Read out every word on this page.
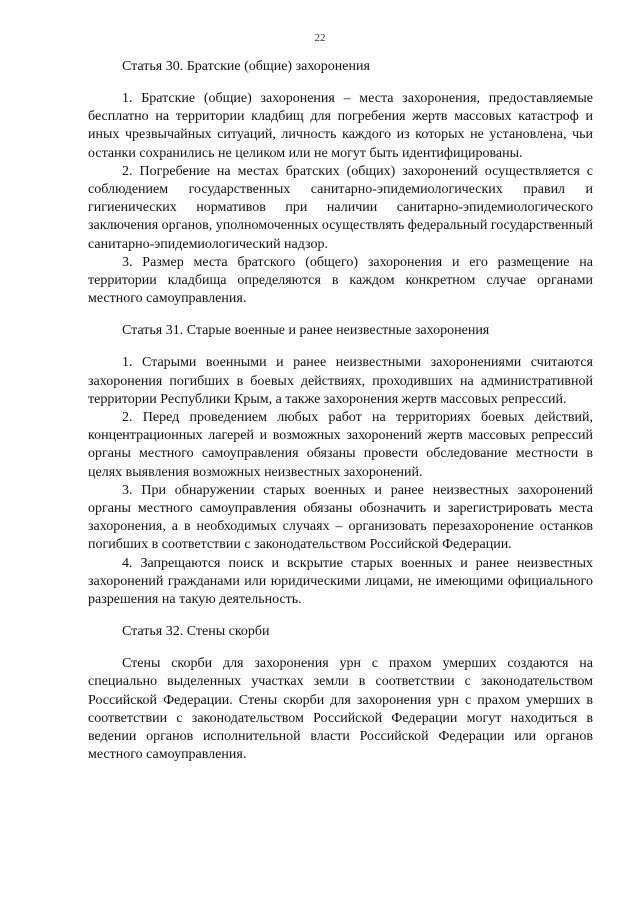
22
Статья 30. Братские (общие) захоронения

1. Братские (общие) захоронения – места захоронения, предоставляемые бесплатно на территории кладбищ для погребения жертв массовых катастроф и иных чрезвычайных ситуаций, личность каждого из которых не установлена, чьи останки сохранились не целиком или не могут быть идентифицированы.

2. Погребение на местах братских (общих) захоронений осуществляется с соблюдением государственных санитарно-эпидемиологических правил и гигиенических нормативов при наличии санитарно-эпидемиологического заключения органов, уполномоченных осуществлять федеральный государственный санитарно-эпидемиологический надзор.

3. Размер места братского (общего) захоронения и его размещение на территории кладбища определяются в каждом конкретном случае органами местного самоуправления.

Статья 31. Старые военные и ранее неизвестные захоронения

1. Старыми военными и ранее неизвестными захоронениями считаются захоронения погибших в боевых действиях, проходивших на административной территории Республики Крым, а также захоронения жертв массовых репрессий.

2. Перед проведением любых работ на территориях боевых действий, концентрационных лагерей и возможных захоронений жертв массовых репрессий органы местного самоуправления обязаны провести обследование местности в целях выявления возможных неизвестных захоронений.

3. При обнаружении старых военных и ранее неизвестных захоронений органы местного самоуправления обязаны обозначить и зарегистрировать места захоронения, а в необходимых случаях – организовать перезахоронение останков погибших в соответствии с законодательством Российской Федерации.

4. Запрещаются поиск и вскрытие старых военных и ранее неизвестных захоронений гражданами или юридическими лицами, не имеющими официального разрешения на такую деятельность.

Статья 32. Стены скорби

Стены скорби для захоронения урн с прахом умерших создаются на специально выделенных участках земли в соответствии с законодательством Российской Федерации. Стены скорби для захоронения урн с прахом умерших в соответствии с законодательством Российской Федерации могут находиться в ведении органов исполнительной власти Российской Федерации или органов местного самоуправления.
